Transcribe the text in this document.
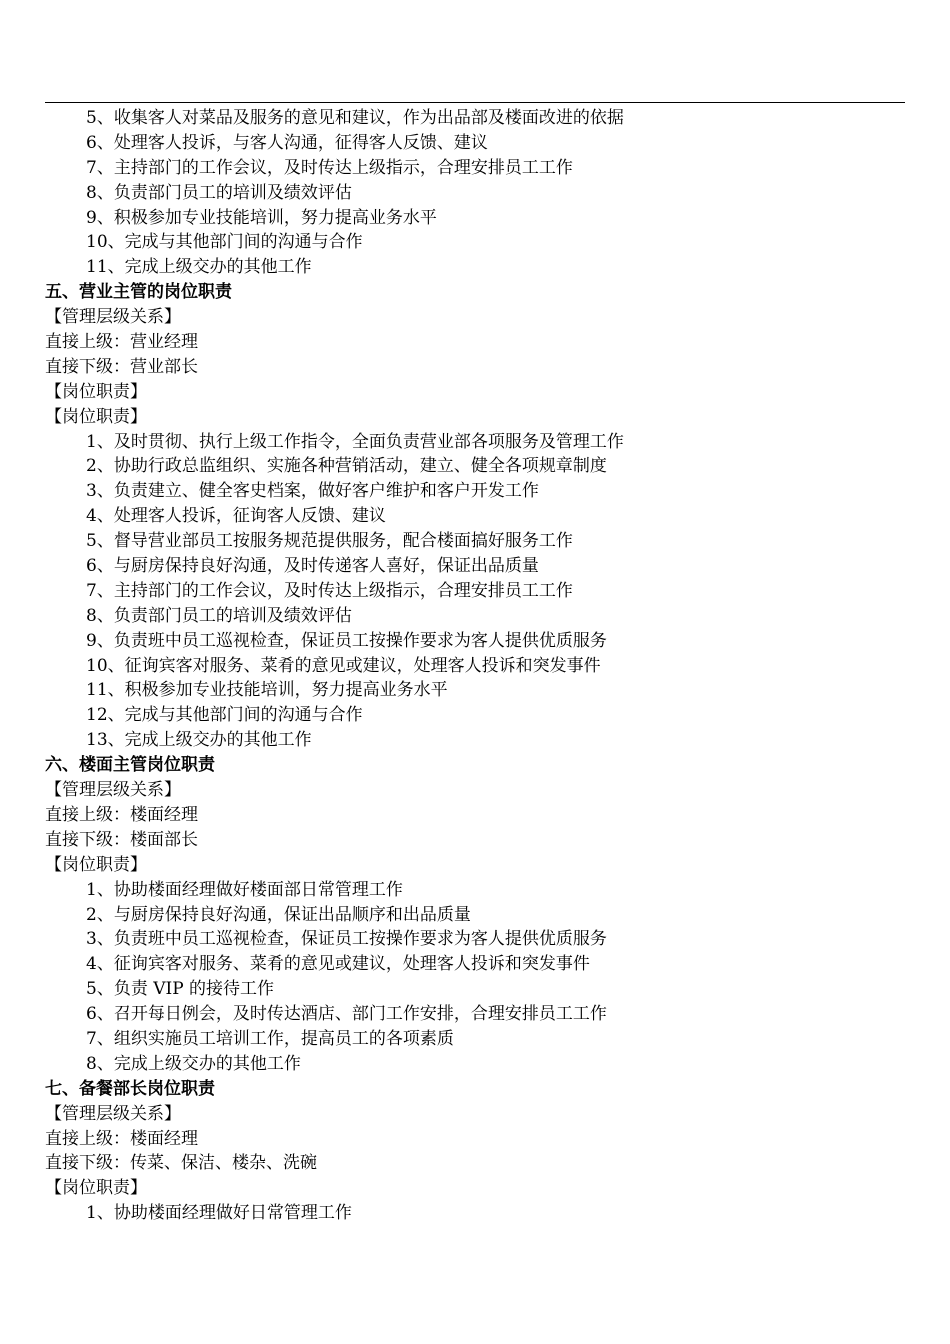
5、收集客人对菜品及服务的意见和建议，作为出品部及楼面改进的依据
6、处理客人投诉，与客人沟通，征得客人反馈、建议
7、主持部门的工作会议，及时传达上级指示，合理安排员工工作
8、负责部门员工的培训及绩效评估
9、积极参加专业技能培训，努力提高业务水平
10、完成与其他部门间的沟通与合作
11、完成上级交办的其他工作
五、营业主管的岗位职责
【管理层级关系】
直接上级：营业经理
直接下级：营业部长
【岗位职责】
【岗位职责】
1、及时贯彻、执行上级工作指令，全面负责营业部各项服务及管理工作
2、协助行政总监组织、实施各种营销活动，建立、健全各项规章制度
3、负责建立、健全客史档案，做好客户维护和客户开发工作
4、处理客人投诉，征询客人反馈、建议
5、督导营业部员工按服务规范提供服务，配合楼面搞好服务工作
6、与厨房保持良好沟通，及时传递客人喜好，保证出品质量
7、主持部门的工作会议，及时传达上级指示，合理安排员工工作
8、负责部门员工的培训及绩效评估
9、负责班中员工巡视检查，保证员工按操作要求为客人提供优质服务
10、征询宾客对服务、菜肴的意见或建议，处理客人投诉和突发事件
11、积极参加专业技能培训，努力提高业务水平
12、完成与其他部门间的沟通与合作
13、完成上级交办的其他工作
六、楼面主管岗位职责
【管理层级关系】
直接上级：楼面经理
直接下级：楼面部长
【岗位职责】
1、协助楼面经理做好楼面部日常管理工作
2、与厨房保持良好沟通，保证出品顺序和出品质量
3、负责班中员工巡视检查，保证员工按操作要求为客人提供优质服务
4、征询宾客对服务、菜肴的意见或建议，处理客人投诉和突发事件
5、负责 VIP 的接待工作
6、召开每日例会，及时传达酒店、部门工作安排，合理安排员工工作
7、组织实施员工培训工作，提高员工的各项素质
8、完成上级交办的其他工作
七、备餐部长岗位职责
【管理层级关系】
直接上级：楼面经理
直接下级：传菜、保洁、楼杂、洗碗
【岗位职责】
1、协助楼面经理做好日常管理工作
